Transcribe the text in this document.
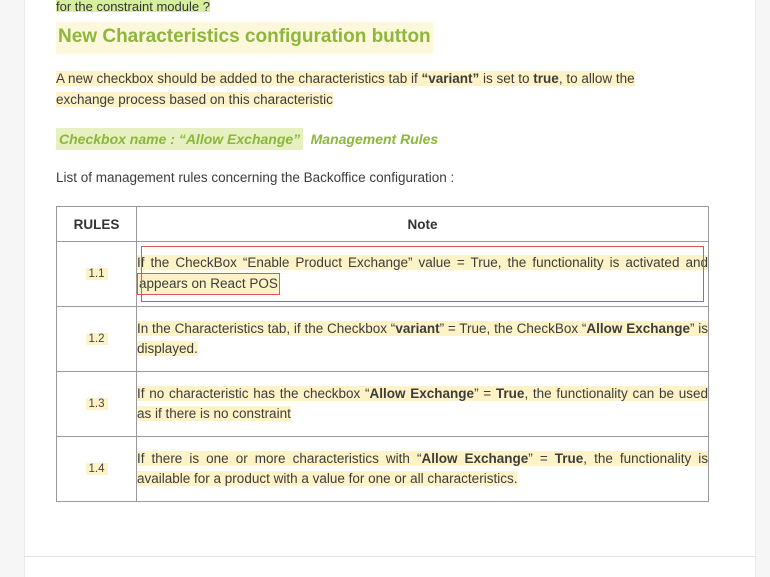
for the constraint module ?
New Characteristics configuration button

A new checkbox should be added to the characteristics tab if “variant” is set to true, to allow the exchange process based on this characteristic

Checkbox name : “Allow Exchange” Management Rules

List of management rules concerning the Backoffice configuration :

RULES	Note
1.1	If the CheckBox “Enable Product Exchange” value = True, the functionality is activated and appears on React POS
1.2	In the Characteristics tab, if the Checkbox “variant” = True, the CheckBox “Allow Exchange” is displayed.
1.3	If no characteristic has the checkbox “Allow Exchange” = True, the functionality can be used as if there is no constraint
1.4	If there is one or more characteristics with “Allow Exchange” = True, the functionality is available for a product with a value for one or all characteristics.
